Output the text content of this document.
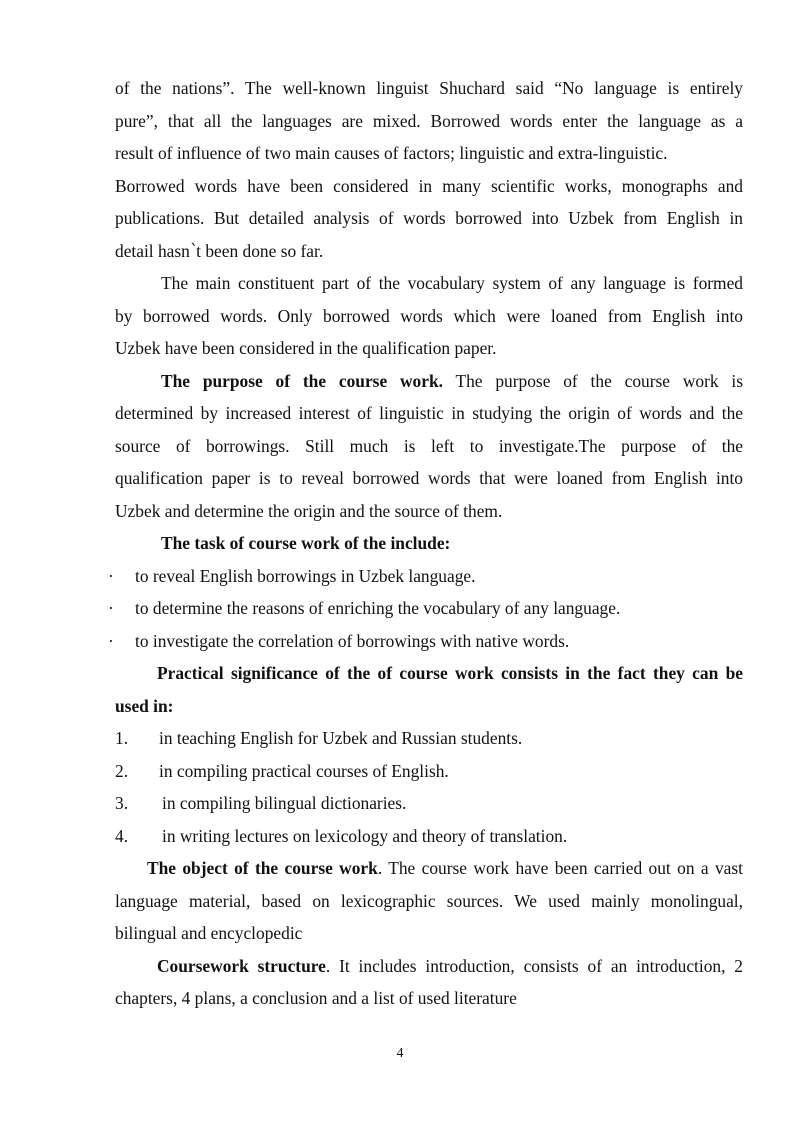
of the nations”. The well-known linguist Shuchard said “No language is entirely
pure”, that all the languages are mixed. Borrowed words enter the language as a
result of influence of two main causes of factors; linguistic and extra-linguistic.
Borrowed words have been considered in many scientific works, monographs and
publications. But detailed analysis of words borrowed into Uzbek from English in
detail hasn՝t been done so far.
The main constituent part of the vocabulary system of any language is formed
by borrowed words. Only borrowed words which were loaned from English into
Uzbek have been considered in the qualification paper.
The purpose of the course work. The purpose of the course work is
determined by increased interest of linguistic in studying the origin of words and the
source of borrowings. Still much is left to investigate.The purpose of the
qualification paper is to reveal borrowed words that were loaned from English into
Uzbek and determine the origin and the source of them.
The task of course work of the include:
· to reveal English borrowings in Uzbek language.
· to determine the reasons of enriching the vocabulary of any language.
· to investigate the correlation of borrowings with native words.
Practical significance of the of course work consists in the fact they can be
used in:
1. in teaching English for Uzbek and Russian students.
2. in compiling practical courses of English.
3. in compiling bilingual dictionaries.
4. in writing lectures on lexicology and theory of translation.
The object of the course work. The course work have been carried out on a vast
language material, based on lexicographic sources. We used mainly monolingual,
bilingual and encyclopedic
Coursework structure. It includes introduction, consists of an introduction, 2
chapters, 4 plans, a conclusion and a list of used literature
4
